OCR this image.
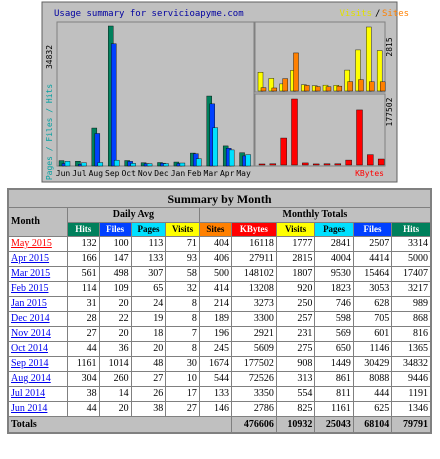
Usage summary for servicioapyme.com	Visits / Sites
34832
Pages / Files / Hits
2815
177502
KBytes
Jun Jul Aug Sep Oct Nov Dec Jan Feb Mar Apr May
Summary by Month										
Month	Daily Avg				Monthly Totals					
	Hits	Files	Pages	Visits	Sites	KBytes	Visits	Pages	Files	Hits
May 2015	132	100	113	71	404	16118	1777	2841	2507	3314
Apr 2015	166	147	133	93	406	27911	2815	4004	4414	5000
Mar 2015	561	498	307	58	500	148102	1807	9530	15464	17407
Feb 2015	114	109	65	32	414	13208	920	1823	3053	3217
Jan 2015	31	20	24	8	214	3273	250	746	628	989
Dec 2014	28	22	19	8	189	3300	257	598	705	868
Nov 2014	27	20	18	7	196	2921	231	569	601	816
Oct 2014	44	36	20	8	245	5609	275	650	1146	1365
Sep 2014	1161	1014	48	30	1674	177502	908	1449	30429	34832
Aug 2014	304	260	27	10	544	72526	313	861	8088	9446
Jul 2014	38	14	26	17	133	3350	554	811	444	1191
Jun 2014	44	20	38	27	146	2786	825	1161	625	1346
Totals						476606	10932	25043	68104	79791
